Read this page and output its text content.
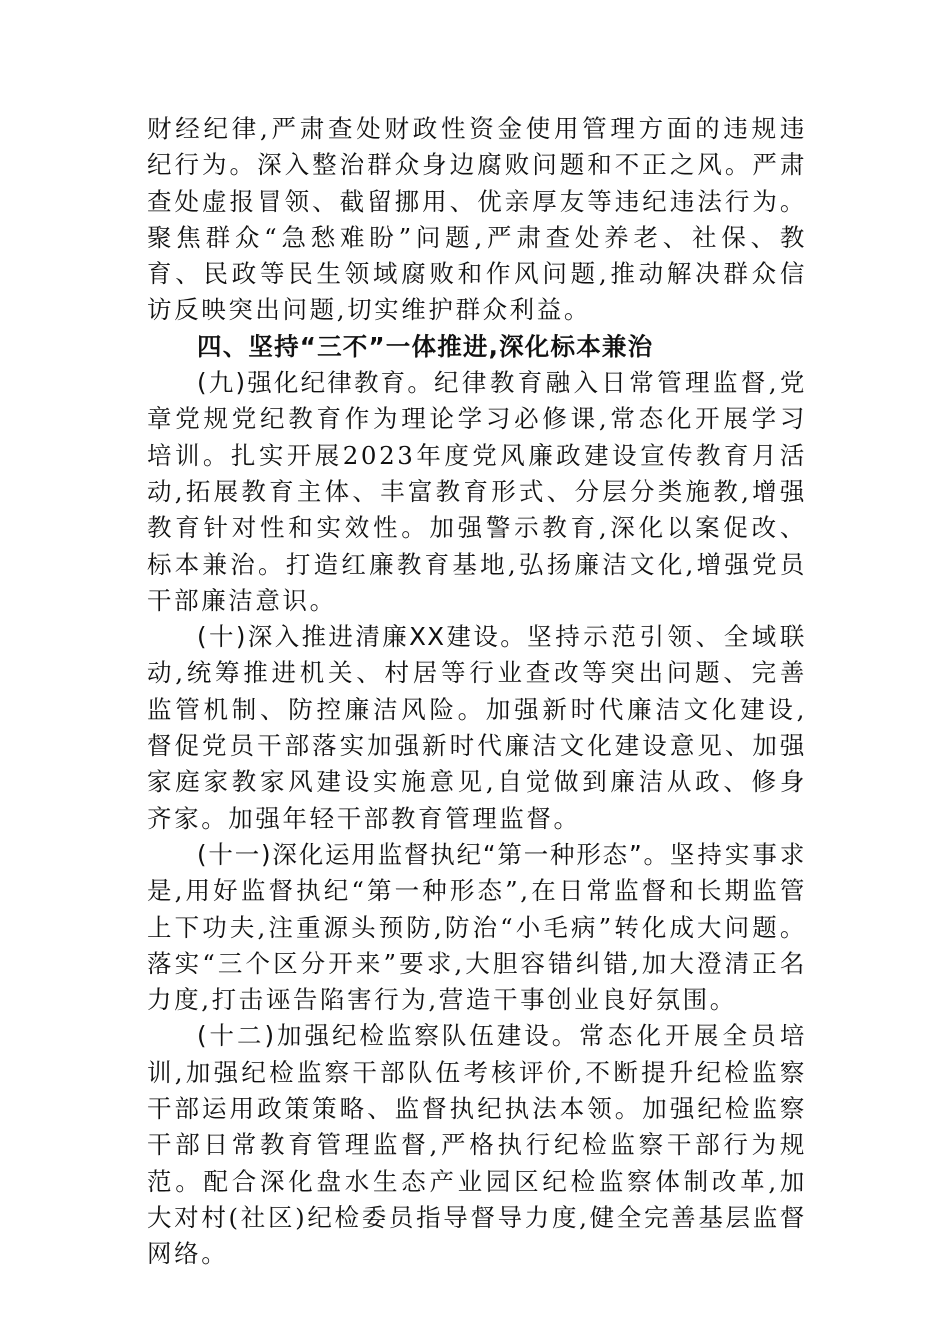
财经纪律,严肃查处财政性资金使用管理方面的违规违纪行为。深入整治群众身边腐败问题和不正之风。严肃查处虚报冒领、截留挪用、优亲厚友等违纪违法行为。聚焦群众“急愁难盼”问题,严肃查处养老、社保、教育、民政等民生领域腐败和作风问题,推动解决群众信访反映突出问题,切实维护群众利益。

四、坚持“三不”一体推进,深化标本兼治

(九)强化纪律教育。纪律教育融入日常管理监督,党章党规党纪教育作为理论学习必修课,常态化开展学习培训。扎实开展2023年度党风廉政建设宣传教育月活动,拓展教育主体、丰富教育形式、分层分类施教,增强教育针对性和实效性。加强警示教育,深化以案促改、标本兼治。打造红廉教育基地,弘扬廉洁文化,增强党员干部廉洁意识。

(十)深入推进清廉XX建设。坚持示范引领、全域联动,统筹推进机关、村居等行业查改等突出问题、完善监管机制、防控廉洁风险。加强新时代廉洁文化建设,督促党员干部落实加强新时代廉洁文化建设意见、加强家庭家教家风建设实施意见,自觉做到廉洁从政、修身齐家。加强年轻干部教育管理监督。

(十一)深化运用监督执纪“第一种形态”。坚持实事求是,用好监督执纪“第一种形态”,在日常监督和长期监管上下功夫,注重源头预防,防治“小毛病”转化成大问题。落实“三个区分开来”要求,大胆容错纠错,加大澄清正名力度,打击诬告陷害行为,营造干事创业良好氛围。

(十二)加强纪检监察队伍建设。常态化开展全员培训,加强纪检监察干部队伍考核评价,不断提升纪检监察干部运用政策策略、监督执纪执法本领。加强纪检监察干部日常教育管理监督,严格执行纪检监察干部行为规范。配合深化盘水生态产业园区纪检监察体制改革,加大对村(社区)纪检委员指导督导力度,健全完善基层监督网络。
